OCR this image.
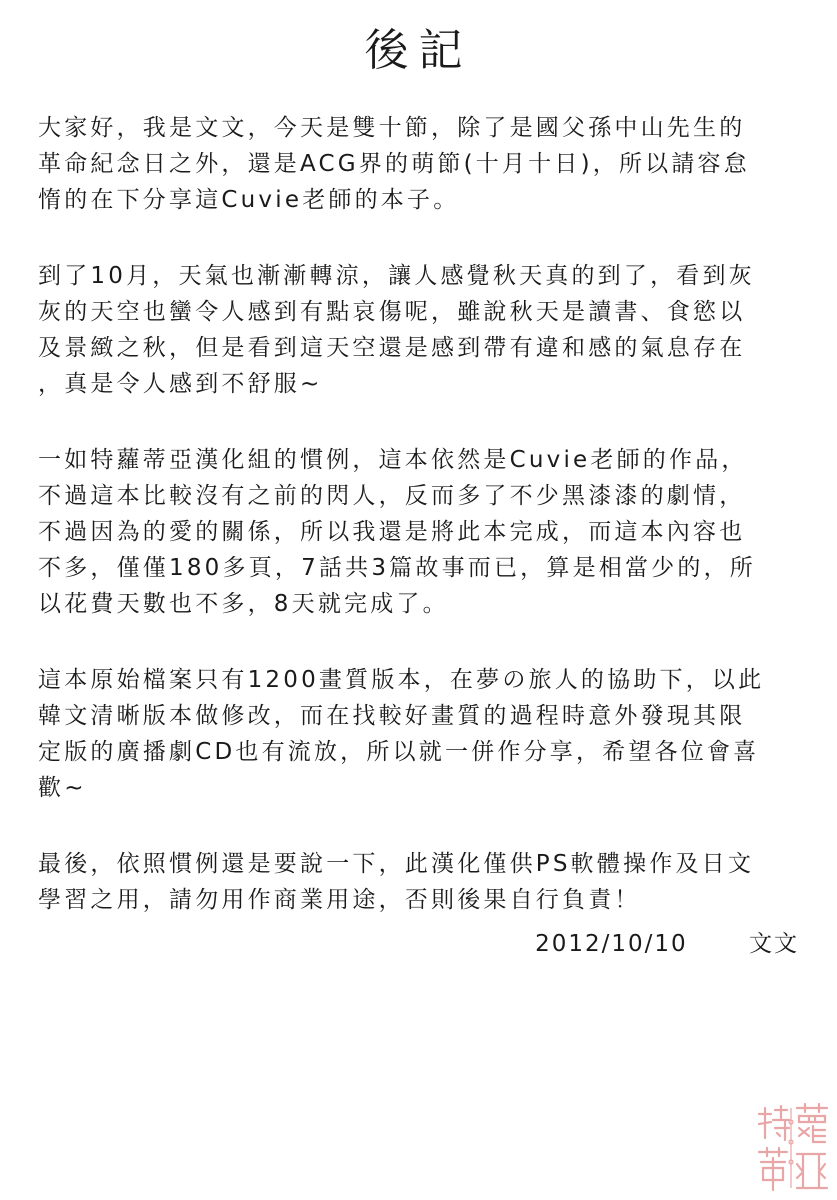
後記

大家好，我是文文，今天是雙十節，除了是國父孫中山先生的
革命紀念日之外，還是ACG界的萌節(十月十日)，所以請容怠
惰的在下分享這Cuvie老師的本子。

到了10月，天氣也漸漸轉涼，讓人感覺秋天真的到了，看到灰
灰的天空也蠻令人感到有點哀傷呢，雖說秋天是讀書、食慾以
及景緻之秋，但是看到這天空還是感到帶有違和感的氣息存在
，真是令人感到不舒服~

一如特蘿蒂亞漢化組的慣例，這本依然是Cuvie老師的作品，
不過這本比較沒有之前的閃人，反而多了不少黑漆漆的劇情，
不過因為的愛的關係，所以我還是將此本完成，而這本內容也
不多，僅僅180多頁，7話共3篇故事而已，算是相當少的，所
以花費天數也不多，8天就完成了。

這本原始檔案只有1200畫質版本，在夢の旅人的協助下，以此
韓文清晰版本做修改，而在找較好畫質的過程時意外發現其限
定版的廣播劇CD也有流放，所以就一併作分享，希望各位會喜
歡~

最後，依照慣例還是要說一下，此漢化僅供PS軟體操作及日文
學習之用，請勿用作商業用途，否則後果自行負責！

2012/10/10	文文
